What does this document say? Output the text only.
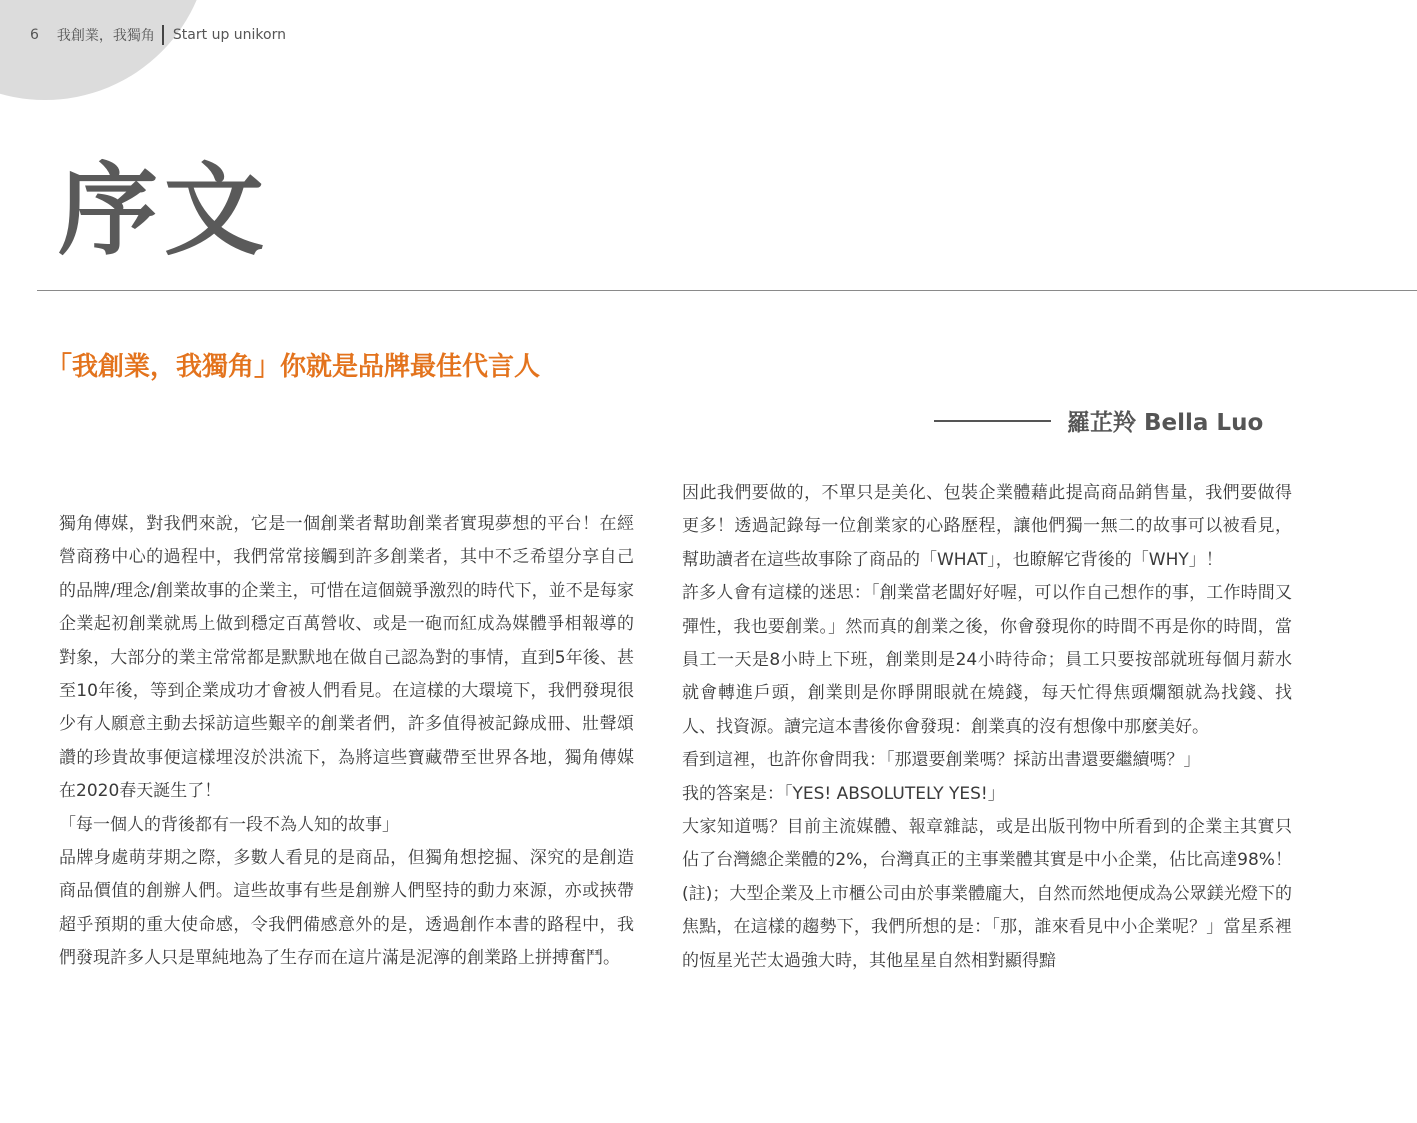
6 我創業，我獨角 Start up unikorn
序文
「我創業，我獨角」你就是品牌最佳代言人
羅芷羚 Bella Luo

獨角傳媒，對我們來說，它是一個創業者幫助創業者實現夢想的平台！在經營商務中心的過程中，我們常常接觸到許多創業者，其中不乏希望分享自己的品牌/理念/創業故事的企業主，可惜在這個競爭激烈的時代下，並不是每家企業起初創業就馬上做到穩定百萬營收、或是一砲而紅成為媒體爭相報導的對象，大部分的業主常常都是默默地在做自己認為對的事情，直到5年後、甚至10年後，等到企業成功才會被人們看見。在這樣的大環境下，我們發現很少有人願意主動去採訪這些艱辛的創業者們，許多值得被記錄成冊、壯聲頌讚的珍貴故事便這樣埋沒於洪流下，為將這些寶藏帶至世界各地，獨角傳媒在2020春天誕生了！

「每一個人的背後都有一段不為人知的故事」

品牌身處萌芽期之際，多數人看見的是商品，但獨角想挖掘、深究的是創造商品價值的創辦人們。這些故事有些是創辦人們堅持的動力來源，亦或挾帶超乎預期的重大使命感，令我們備感意外的是，透過創作本書的路程中，我們發現許多人只是單純地為了生存而在這片滿是泥濘的創業路上拼搏奮鬥。

因此我們要做的，不單只是美化、包裝企業體藉此提高商品銷售量，我們要做得更多！透過記錄每一位創業家的心路歷程，讓他們獨一無二的故事可以被看見，幫助讀者在這些故事除了商品的「WHAT」，也瞭解它背後的「WHY」！

許多人會有這樣的迷思：「創業當老闆好好喔，可以作自己想作的事，工作時間又彈性，我也要創業。」然而真的創業之後，你會發現你的時間不再是你的時間，當員工一天是8小時上下班，創業則是24小時待命；員工只要按部就班每個月薪水就會轉進戶頭，創業則是你睜開眼就在燒錢，每天忙得焦頭爛額就為找錢、找人、找資源。讀完這本書後你會發現：創業真的沒有想像中那麼美好。

看到這裡，也許你會問我：「那還要創業嗎？採訪出書還要繼續嗎？」

我的答案是：「YES! ABSOLUTELY YES!」

大家知道嗎？目前主流媒體、報章雜誌，或是出版刊物中所看到的企業主其實只佔了台灣總企業體的2%，台灣真正的主事業體其實是中小企業，佔比高達98%！(註)；大型企業及上市櫃公司由於事業體龐大，自然而然地便成為公眾鎂光燈下的焦點，在這樣的趨勢下，我們所想的是：「那，誰來看見中小企業呢？」當星系裡的恆星光芒太過強大時，其他星星自然相對顯得黯
